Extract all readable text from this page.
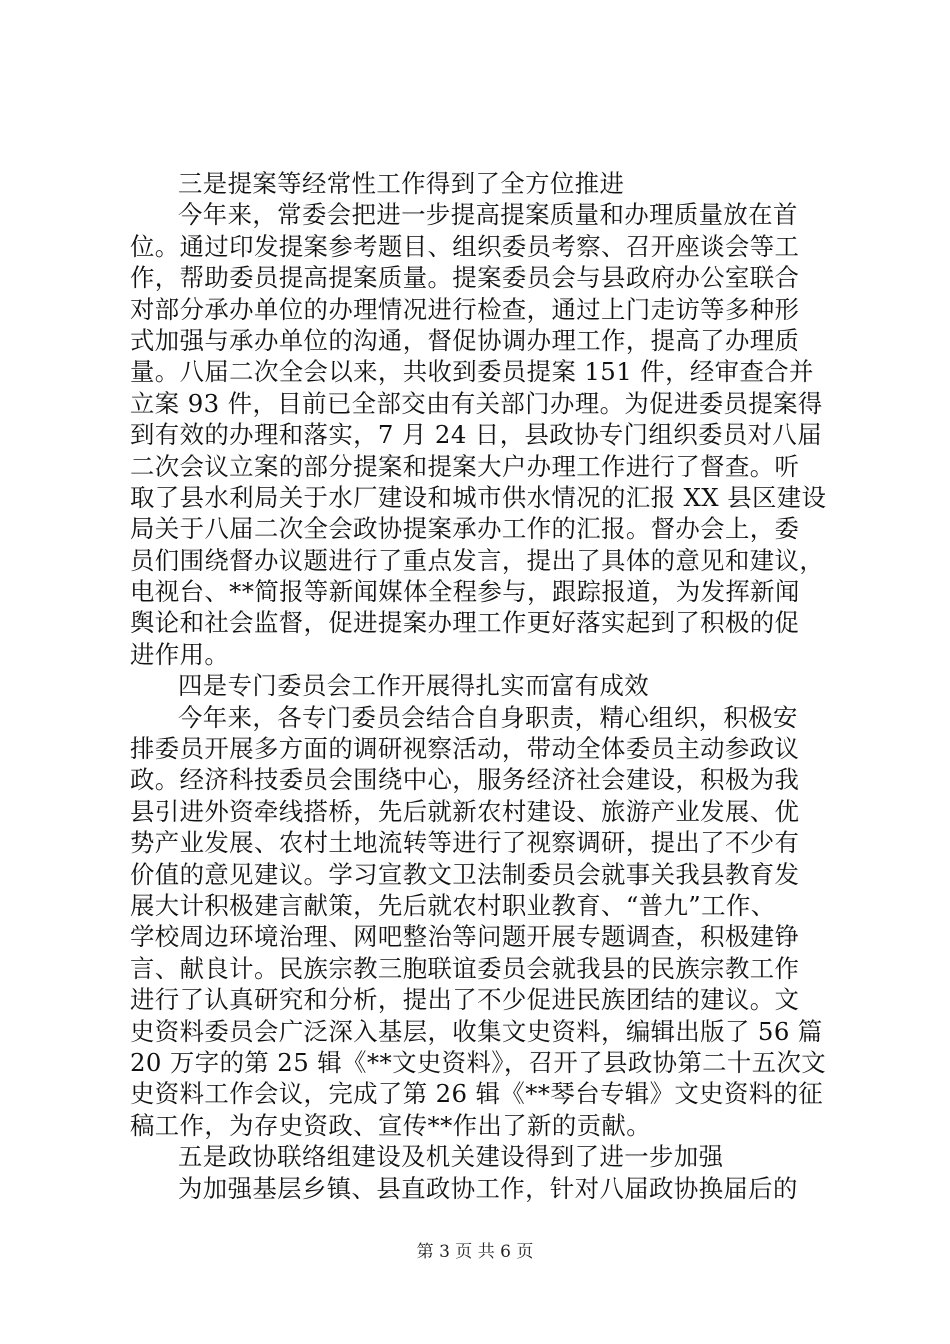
三是提案等经常性工作得到了全方位推进
今年来，常委会把进一步提高提案质量和办理质量放在首
位。通过印发提案参考题目、组织委员考察、召开座谈会等工
作，帮助委员提高提案质量。提案委员会与县政府办公室联合
对部分承办单位的办理情况进行检查，通过上门走访等多种形
式加强与承办单位的沟通，督促协调办理工作，提高了办理质
量。八届二次全会以来，共收到委员提案 151 件，经审查合并
立案 93 件，目前已全部交由有关部门办理。为促进委员提案得
到有效的办理和落实，7 月 24 日，县政协专门组织委员对八届
二次会议立案的部分提案和提案大户办理工作进行了督查。听
取了县水利局关于水厂建设和城市供水情况的汇报 XX 县区建设
局关于八届二次全会政协提案承办工作的汇报。督办会上，委
员们围绕督办议题进行了重点发言，提出了具体的意见和建议，
电视台、**简报等新闻媒体全程参与，跟踪报道，为发挥新闻
舆论和社会监督，促进提案办理工作更好落实起到了积极的促
进作用。
四是专门委员会工作开展得扎实而富有成效
今年来，各专门委员会结合自身职责，精心组织，积极安
排委员开展多方面的调研视察活动，带动全体委员主动参政议
政。经济科技委员会围绕中心，服务经济社会建设，积极为我
县引进外资牵线搭桥，先后就新农村建设、旅游产业发展、优
势产业发展、农村土地流转等进行了视察调研，提出了不少有
价值的意见建议。学习宣教文卫法制委员会就事关我县教育发
展大计积极建言献策，先后就农村职业教育、“普九”工作、
学校周边环境治理、网吧整治等问题开展专题调查，积极建铮
言、献良计。民族宗教三胞联谊委员会就我县的民族宗教工作
进行了认真研究和分析，提出了不少促进民族团结的建议。文
史资料委员会广泛深入基层，收集文史资料，编辑出版了 56 篇
20 万字的第 25 辑《**文史资料》，召开了县政协第二十五次文
史资料工作会议，完成了第 26 辑《**琴台专辑》文史资料的征
稿工作，为存史资政、宣传**作出了新的贡献。
五是政协联络组建设及机关建设得到了进一步加强
为加强基层乡镇、县直政协工作，针对八届政协换届后的
第 3 页 共 6 页
